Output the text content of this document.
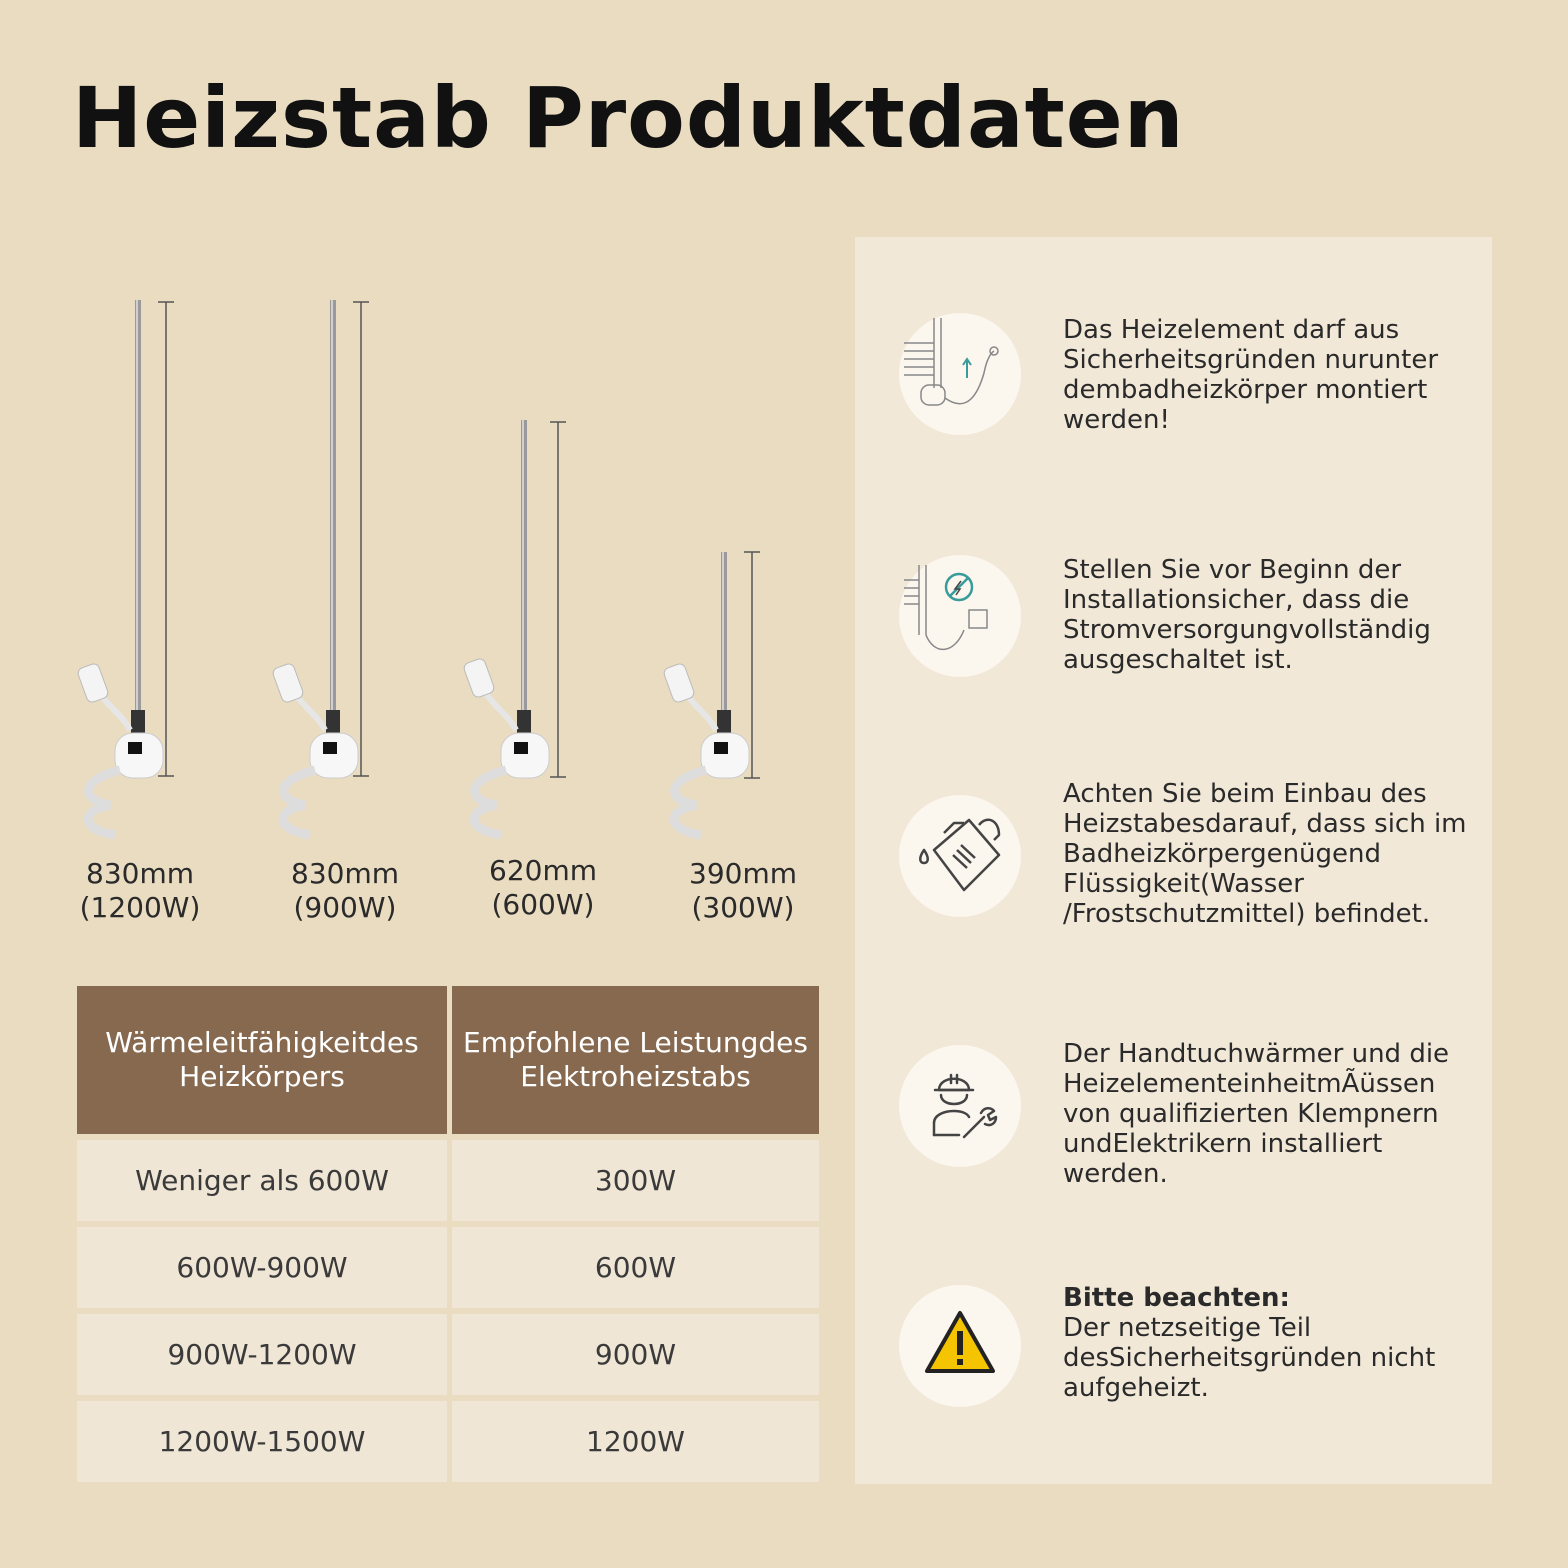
Heizstab Produktdaten
830mm
(1200W)
830mm
(900W)
620mm
(600W)
390mm
(300W)
Wärmeleitfähigkeitdes Heizkörpers
Empfohlene Leistungdes Elektroheizstabs
Weniger als 600W	300W
600W-900W	600W
900W-1200W	900W
1200W-1500W	1200W
Das Heizelement darf aus Sicherheitsgründen nurunter dembadheizkörper montiert werden!
Stellen Sie vor Beginn der Installationsicher, dass die Stromversorgungvollständig ausgeschaltet ist.
Achten Sie beim Einbau des Heizstabesdarauf, dass sich im Badheizkörpergenügend Flüssigkeit(Wasser /Frostschutzmittel) befindet.
Der Handtuchwärmer und die HeizelementeinheitmÃüssen von qualifizierten Klempnern undElektrikern installiert werden.
Bitte beachten:
Der netzseitige Teil desSicherheitsgründen nicht aufgeheizt.
